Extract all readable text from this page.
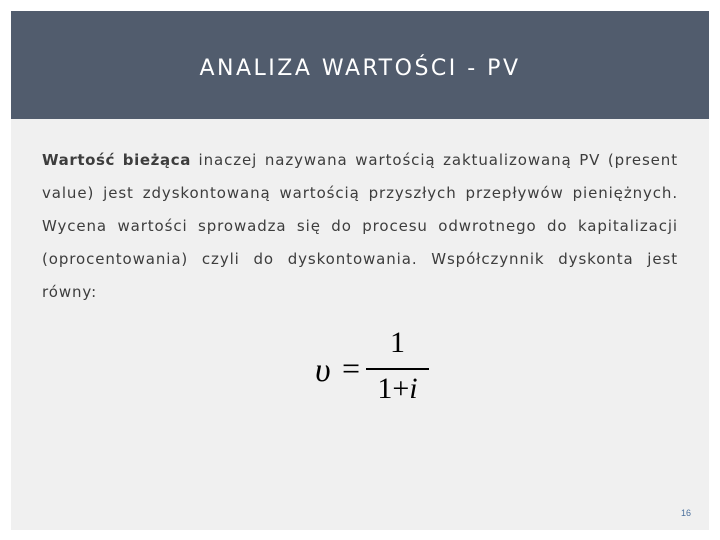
ANALIZA WARTOŚCI - PV
Wartość bieżąca inaczej nazywana wartością zaktualizowaną PV (present value) jest zdyskontowaną wartością przyszłych przepływów pieniężnych. Wycena wartości sprowadza się do procesu odwrotnego do kapitalizacji (oprocentowania) czyli do dyskontowania. Współczynnik dyskonta jest równy:
υ =
1
1+i
16
